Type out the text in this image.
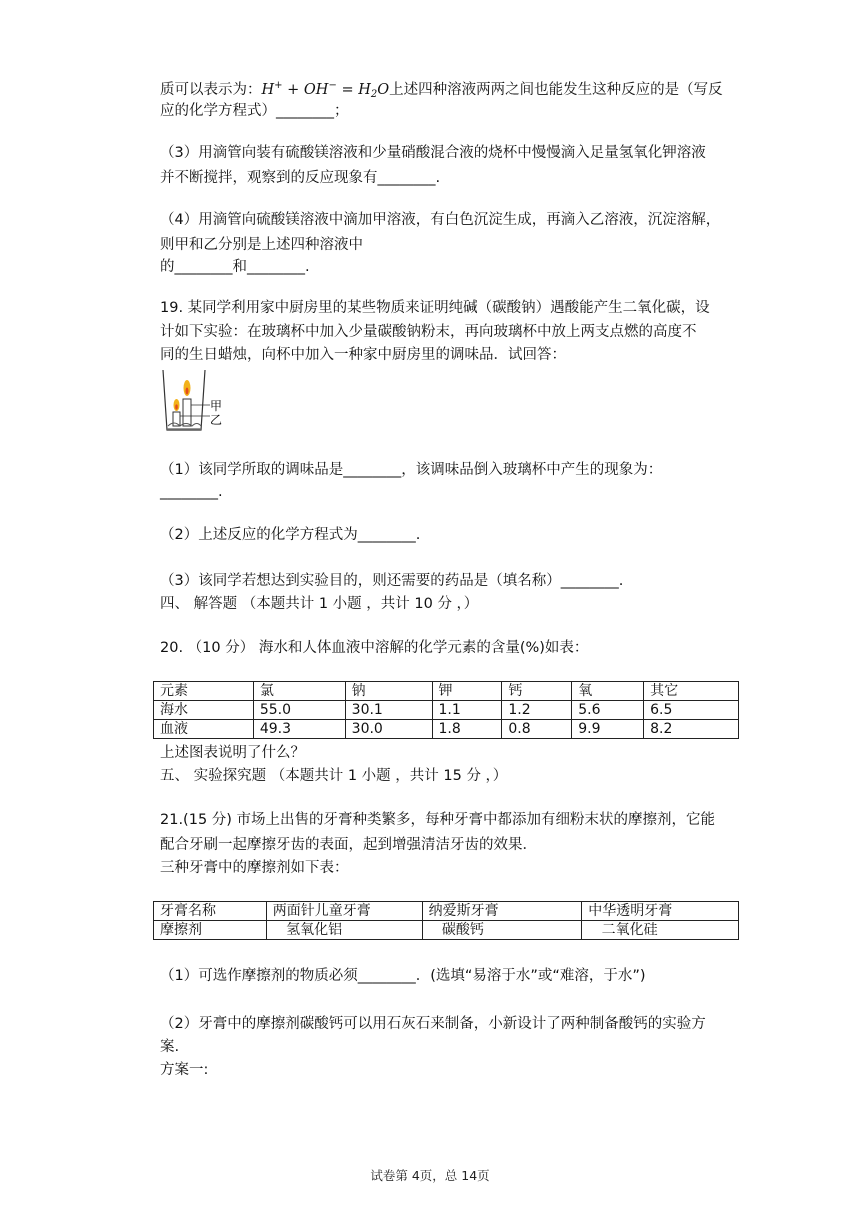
质可以表示为：$H^+ + OH^- = H_2O$上述四种溶液两两之间也能发生这种反应的是（写反
应的化学方程式）________；
（3）用滴管向装有硫酸镁溶液和少量硝酸混合液的烧杯中慢慢滴入足量氢氧化钾溶液
并不断搅拌，观察到的反应现象有________.
（4）用滴管向硫酸镁溶液中滴加甲溶液，有白色沉淀生成，再滴入乙溶液，沉淀溶解，
则甲和乙分别是上述四种溶液中
的________和________.
19. 某同学利用家中厨房里的某些物质来证明纯碱（碳酸钠）遇酸能产生二氧化碳，设
计如下实验：在玻璃杯中加入少量碳酸钠粉末，再向玻璃杯中放上两支点燃的高度不
同的生日蜡烛，向杯中加入一种家中厨房里的调味品．试回答：
甲
乙
（1）该同学所取的调味品是________，该调味品倒入玻璃杯中产生的现象为：
________.
（2）上述反应的化学方程式为________.
（3）该同学若想达到实验目的，则还需要的药品是（填名称）________.
四、 解答题 （本题共计 1 小题 ，共计 10 分 ，）
20. （10 分） 海水和人体血液中溶解的化学元素的含量(%)如表：
元素	氯	钠	钾	钙	氧	其它
海水	55.0	30.1	1.1	1.2	5.6	6.5
血液	49.3	30.0	1.8	0.8	9.9	8.2
上述图表说明了什么？
五、 实验探究题 （本题共计 1 小题 ，共计 15 分 ，）
21.(15 分) 市场上出售的牙膏种类繁多，每种牙膏中都添加有细粉末状的摩擦剂，它能
配合牙刷一起摩擦牙齿的表面，起到增强清洁牙齿的效果．
三种牙膏中的摩擦剂如下表：
牙膏名称	两面针儿童牙膏	纳爱斯牙膏	中华透明牙膏
摩擦剂	氢氧化铝	碳酸钙	二氧化硅
（1）可选作摩擦剂的物质必须________．(选填“易溶于水”或“难溶，于水”)
（2）牙膏中的摩擦剂碳酸钙可以用石灰石来制备，小新设计了两种制备酸钙的实验方
案.
方案一:
试卷第 4页，总 14页
